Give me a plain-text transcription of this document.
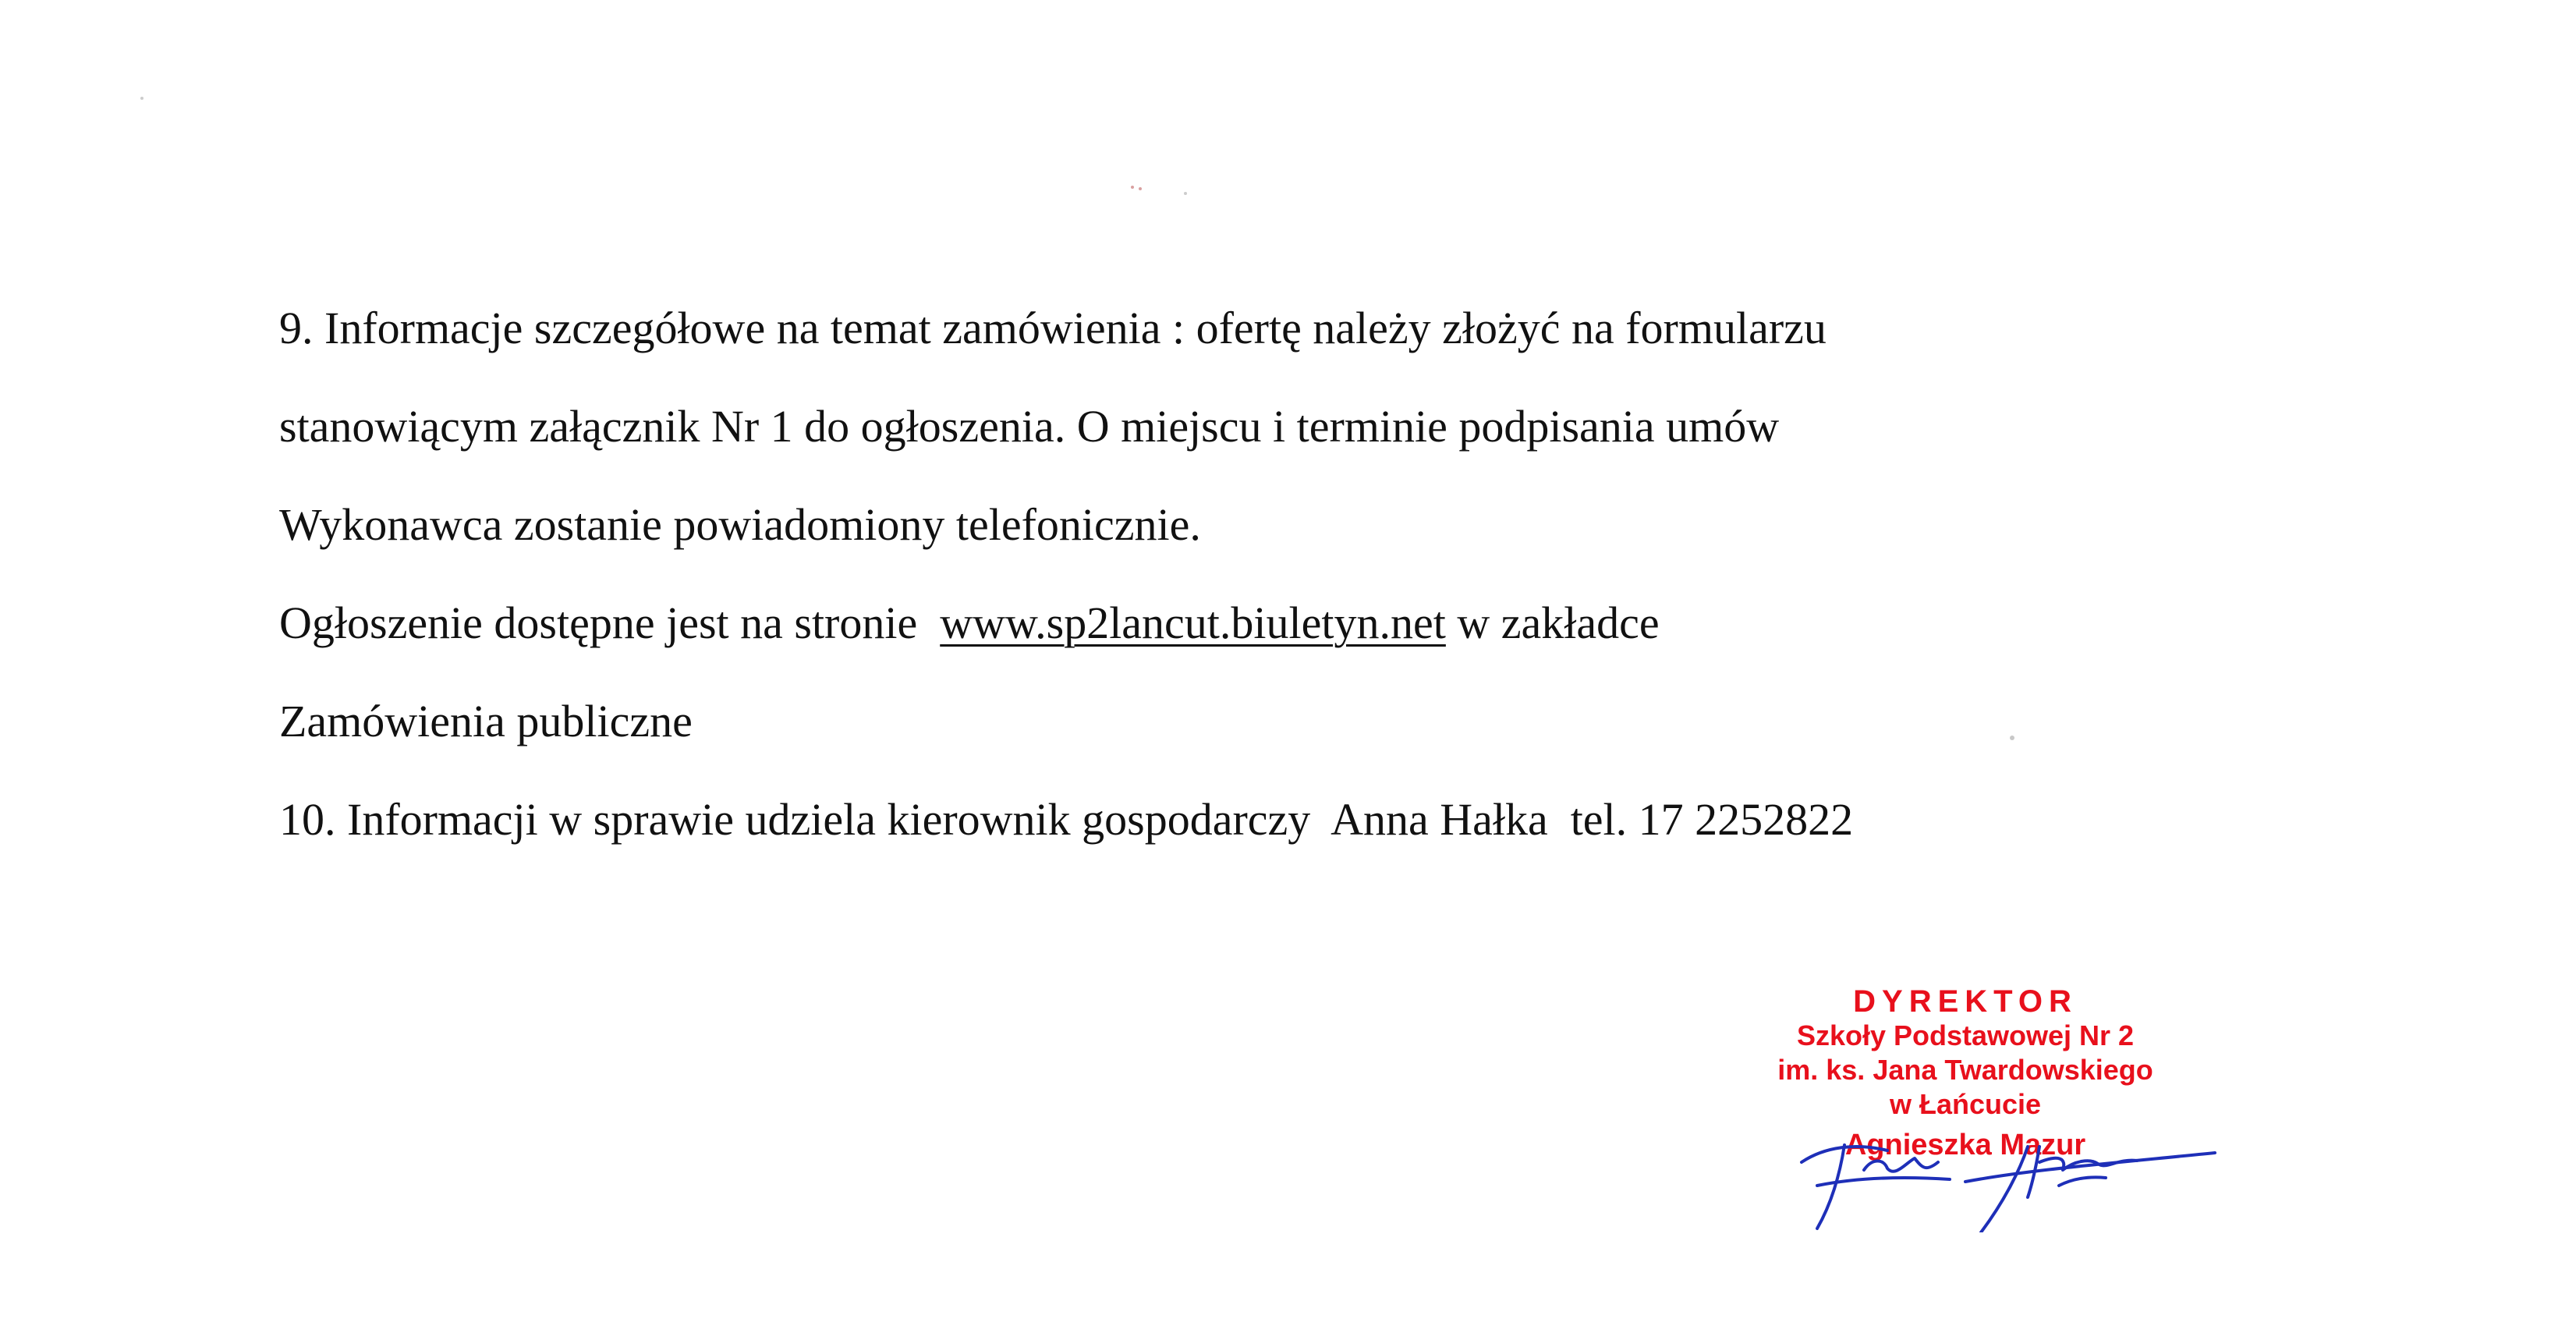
9. Informacje szczegółowe na temat zamówienia : ofertę należy złożyć na formularzu
stanowiącym załącznik Nr 1 do ogłoszenia. O miejscu i terminie podpisania umów
Wykonawca zostanie powiadomiony telefonicznie.
Ogłoszenie dostępne jest na stronie  www.sp2lancut.biuletyn.net w zakładce
Zamówienia publiczne
10. Informacji w sprawie udziela kierownik gospodarczy  Anna Hałka  tel. 17 2252822
DYREKTOR
Szkoły Podstawowej Nr 2
im. ks. Jana Twardowskiego
w Łańcucie
Agnieszka Mazur
